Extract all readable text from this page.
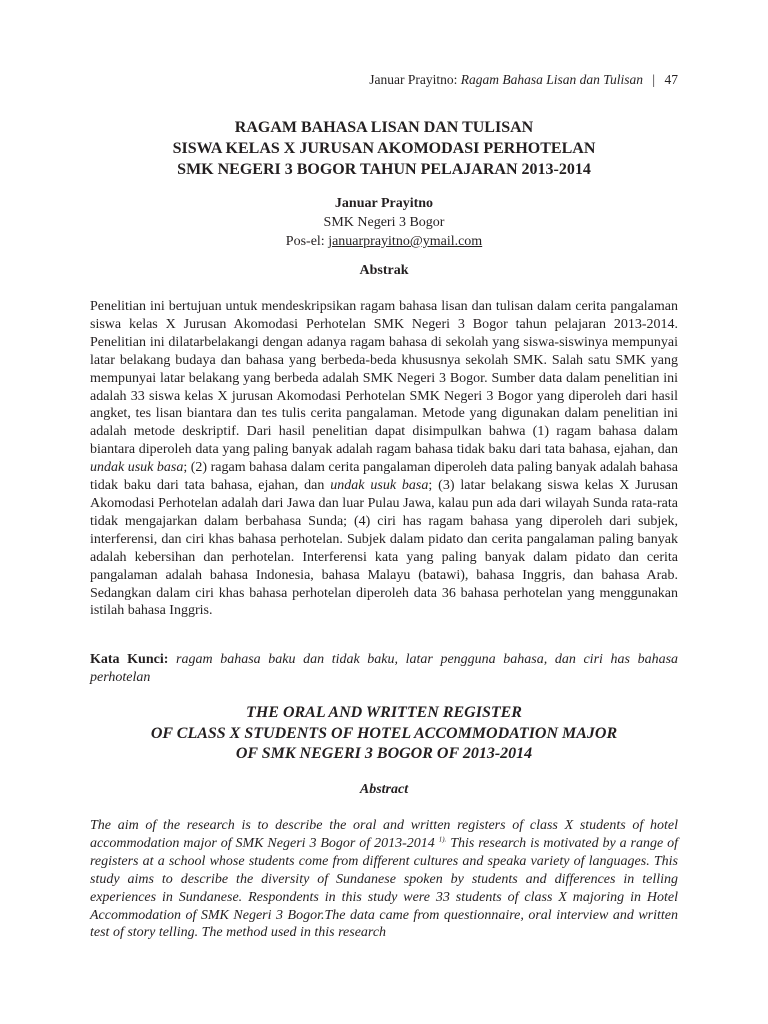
Januar Prayitno: Ragam Bahasa Lisan dan Tulisan | 47
RAGAM BAHASA LISAN DAN TULISAN
SISWA KELAS X JURUSAN AKOMODASI PERHOTELAN
SMK NEGERI 3 BOGOR TAHUN PELAJARAN 2013-2014
Januar Prayitno
SMK Negeri 3 Bogor
Pos-el: januarprayitno@ymail.com
Abstrak
Penelitian ini bertujuan untuk mendeskripsikan ragam bahasa lisan dan tulisan dalam cerita pangalaman siswa kelas X Jurusan Akomodasi Perhotelan SMK Negeri 3 Bogor tahun pelajaran 2013-2014. Penelitian ini dilatarbelakangi dengan adanya ragam bahasa di sekolah yang siswa-siswinya mempunyai latar belakang budaya dan bahasa yang berbeda-beda khususnya sekolah SMK. Salah satu SMK yang mempunyai latar belakang yang berbeda adalah SMK Negeri 3 Bogor. Sumber data dalam penelitian ini adalah 33 siswa kelas X jurusan Akomodasi Perhotelan SMK Negeri 3 Bogor yang diperoleh dari hasil angket, tes lisan biantara dan tes tulis cerita pangalaman. Metode yang digunakan dalam penelitian ini adalah metode deskriptif. Dari hasil penelitian dapat disimpulkan bahwa (1) ragam bahasa dalam biantara diperoleh data yang paling banyak adalah ragam bahasa tidak baku dari tata bahasa, ejahan, dan undak usuk basa; (2) ragam bahasa dalam cerita pangalaman diperoleh data paling banyak adalah bahasa tidak baku dari tata bahasa, ejahan, dan undak usuk basa; (3) latar belakang siswa kelas X Jurusan Akomodasi Perhotelan adalah dari Jawa dan luar Pulau Jawa, kalau pun ada dari wilayah Sunda rata-rata tidak mengajarkan dalam berbahasa Sunda; (4) ciri has ragam bahasa yang diperoleh dari subjek, interferensi, dan ciri khas bahasa perhotelan. Subjek dalam pidato dan cerita pangalaman paling banyak adalah kebersihan dan perhotelan. Interferensi kata yang paling banyak dalam pidato dan cerita pangalaman adalah bahasa Indonesia, bahasa Malayu (batawi), bahasa Inggris, dan bahasa Arab. Sedangkan dalam ciri khas bahasa perhotelan diperoleh data 36 bahasa perhotelan yang menggunakan istilah bahasa Inggris.
Kata Kunci: ragam bahasa baku dan tidak baku, latar pengguna bahasa, dan ciri has bahasa perhotelan
THE ORAL AND WRITTEN REGISTER
OF CLASS X STUDENTS OF HOTEL ACCOMMODATION MAJOR
OF SMK NEGERI 3 BOGOR OF 2013-2014
Abstract
The aim of the research is to describe the oral and written registers of class X students of hotel accommodation major of SMK Negeri 3 Bogor of 2013-2014 $^{1).}$ This research is motivated by a range of registers at a school whose students come from different cultures and speaka variety of languages. This study aims to describe the diversity of Sundanese spoken by students and differences in telling experiences in Sundanese. Respondents in this study were 33 students of class X majoring in Hotel Accommodation of SMK Negeri 3 Bogor.The data came from questionnaire, oral interview and written test of story telling. The method used in this research
